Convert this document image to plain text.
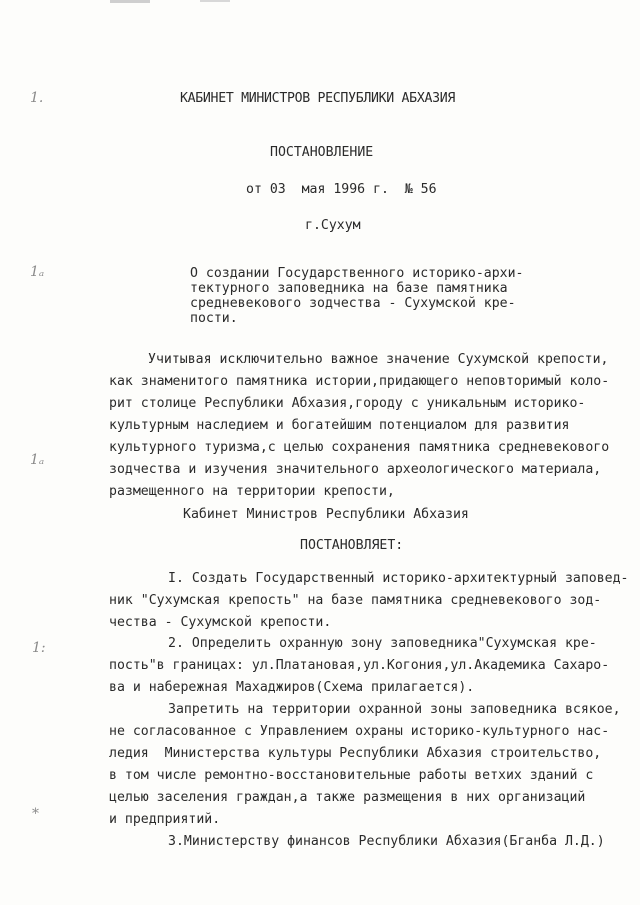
1.
1ₐ
1ₐ
1:
*
КАБИНЕТ МИНИСТРОВ РЕСПУБЛИКИ АБХАЗИЯ
ПОСТАНОВЛЕНИЕ
от 03  мая 1996 г.  № 56
г.Сухум
О создании Государственного историко-архи-
тектурного заповедника на базе памятника
средневекового зодчества - Сухумской кре-
пости.
Учитывая исключительно важное значение Сухумской крепости,
как знаменитого памятника истории,придающего неповторимый коло-
рит столице Республики Абхазия,городу с уникальным историко-
культурным наследием и богатейшим потенциалом для развития
культурного туризма,с целью сохранения памятника средневекового
зодчества и изучения значительного археологического материала,
размещенного на территории крепости,
Кабинет Министров Республики Абхазия
ПОСТАНОВЛЯЕТ:
I. Создать Государственный историко-архитектурный заповед-
ник "Сухумская крепость" на базе памятника средневекового зод-
чества - Сухумской крепости.
2. Определить охранную зону заповедника"Сухумская кре-
пость"в границах: ул.Платановая,ул.Когония,ул.Академика Сахаро-
ва и набережная Махаджиров(Схема прилагается).
Запретить на территории охранной зоны заповедника всякое,
не согласованное с Управлением охраны историко-культурного нас-
ледия  Министерства культуры Республики Абхазия строительство,
в том числе ремонтно-восстановительные работы ветхих зданий с
целью заселения граждан,а также размещения в них организаций
и предприятий.
3.Министерству финансов Республики Абхазия(Бганба Л.Д.)
